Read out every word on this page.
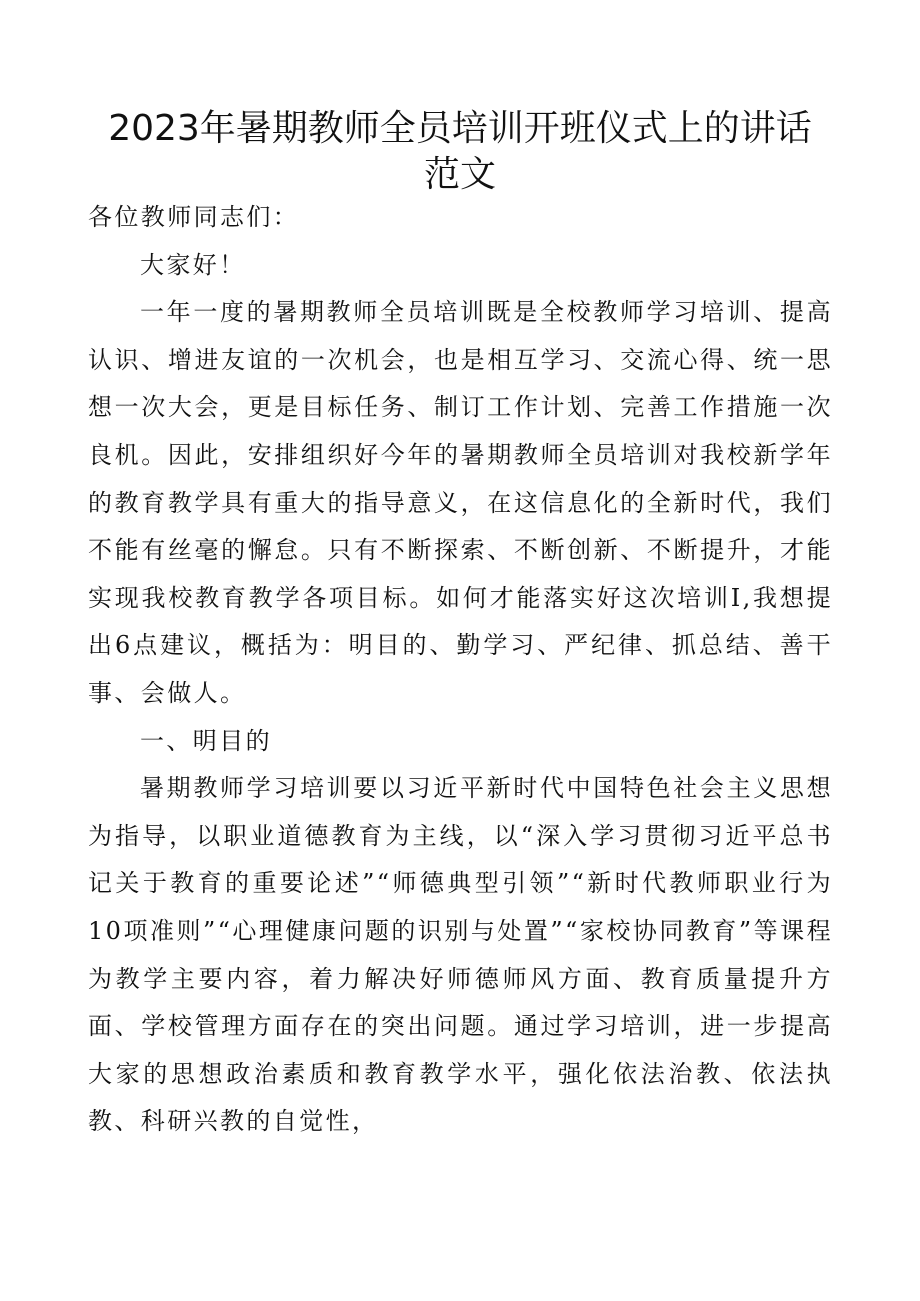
2023年暑期教师全员培训开班仪式上的讲话
范文

各位教师同志们：

大家好！

一年一度的暑期教师全员培训既是全校教师学习培训、提高认识、增进友谊的一次机会，也是相互学习、交流心得、统一思想一次大会，更是目标任务、制订工作计划、完善工作措施一次良机。因此，安排组织好今年的暑期教师全员培训对我校新学年的教育教学具有重大的指导意义，在这信息化的全新时代，我们不能有丝毫的懈怠。只有不断探索、不断创新、不断提升，才能实现我校教育教学各项目标。如何才能落实好这次培训I,我想提出6点建议，概括为：明目的、勤学习、严纪律、抓总结、善干事、会做人。

一、明目的

暑期教师学习培训要以习近平新时代中国特色社会主义思想为指导，以职业道德教育为主线，以“深入学习贯彻习近平总书记关于教育的重要论述”“师德典型引领”“新时代教师职业行为10项准则”“心理健康问题的识别与处置”“家校协同教育”等课程为教学主要内容，着力解决好师德师风方面、教育质量提升方面、学校管理方面存在的突出问题。通过学习培训，进一步提高大家的思想政治素质和教育教学水平，强化依法治教、依法执教、科研兴教的自觉性，
